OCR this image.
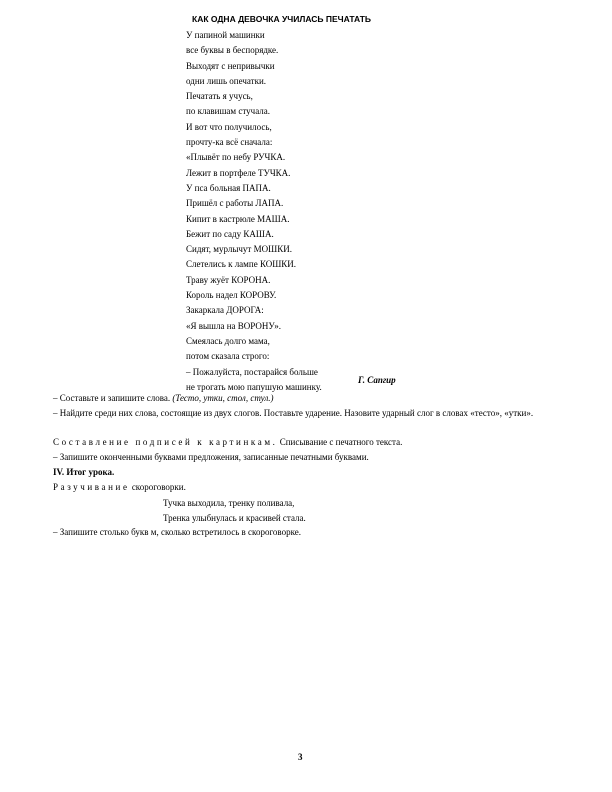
КАК ОДНА ДЕВОЧКА УЧИЛАСЬ ПЕЧАТАТЬ
У папиной машинки
все буквы в беспорядке.
Выходят с непривычки
одни лишь опечатки.
Печатать я учусь,
по клавишам стучала.
И вот что получилось,
прочту-ка всё сначала:
«Плывёт по небу РУЧКА.
Лежит в портфеле ТУЧКА.
У пса больная ПАПА.
Пришёл с работы ЛАПА.
Кипит в кастрюле МАША.
Бежит по саду КАША.
Сидят, мурлычут МОШКИ.
Слетелись к лампе КОШКИ.
Траву жуёт КОРОНА.
Король надел КОРОВУ.
Закаркала ДОРОГА:
«Я вышла на ВОРОНУ».
Смеялась долго мама,
потом сказала строго:
– Пожалуйста, постарайся больше
не трогать мою папушую машинку.
Г. Сапгир
– Составьте и запишите слова. (Тесто, утки, стол, стул.)
– Найдите среди них слова, состоящие из двух слогов. Поставьте ударение. Назовите ударный слог в словах «тесто», «утки».
Составление подписей к картинкам. Списывание с печатного текста.
– Запишите оконченными буквами предложения, записанные печатными буквами.
IV. Итог урока.
Разучивание скороговорки.
Тучка выходила, тренку поливала,
Тренка улыбнулась и красивей стала.
– Запишите столько букв м, сколько встретилось в скороговорке.
3
